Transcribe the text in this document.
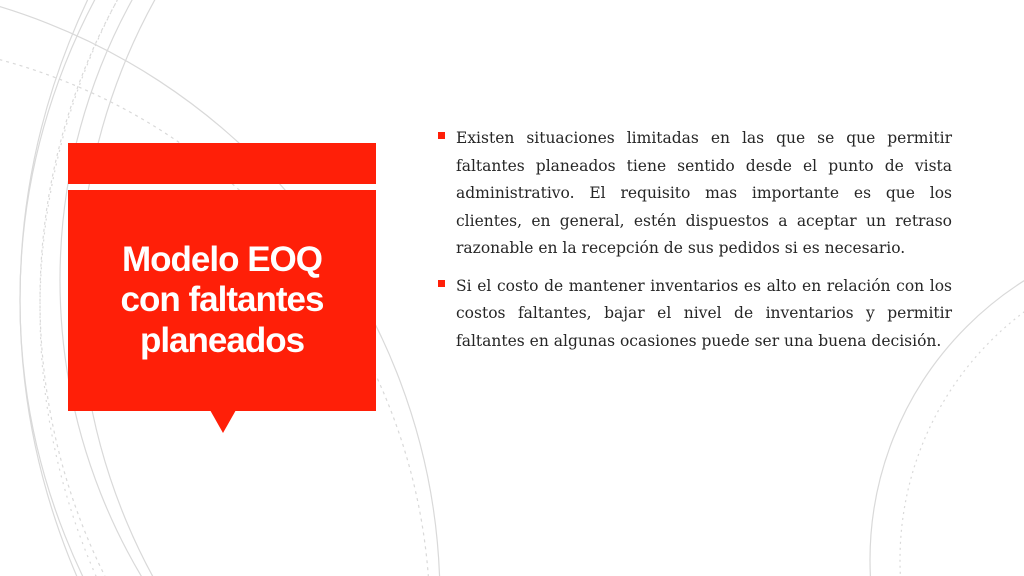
Modelo EOQ
con faltantes
planeados
Existen situaciones limitadas en las que se que permitir faltantes planeados tiene sentido desde el punto de vista administrativo. El requisito mas importante es que los clientes, en general, estén dispuestos a aceptar un retraso razonable en la recepción de sus pedidos si es necesario.
Si el costo de mantener inventarios es alto en relación con los costos faltantes, bajar el nivel de inventarios y permitir faltantes en algunas ocasiones puede ser una buena decisión.
